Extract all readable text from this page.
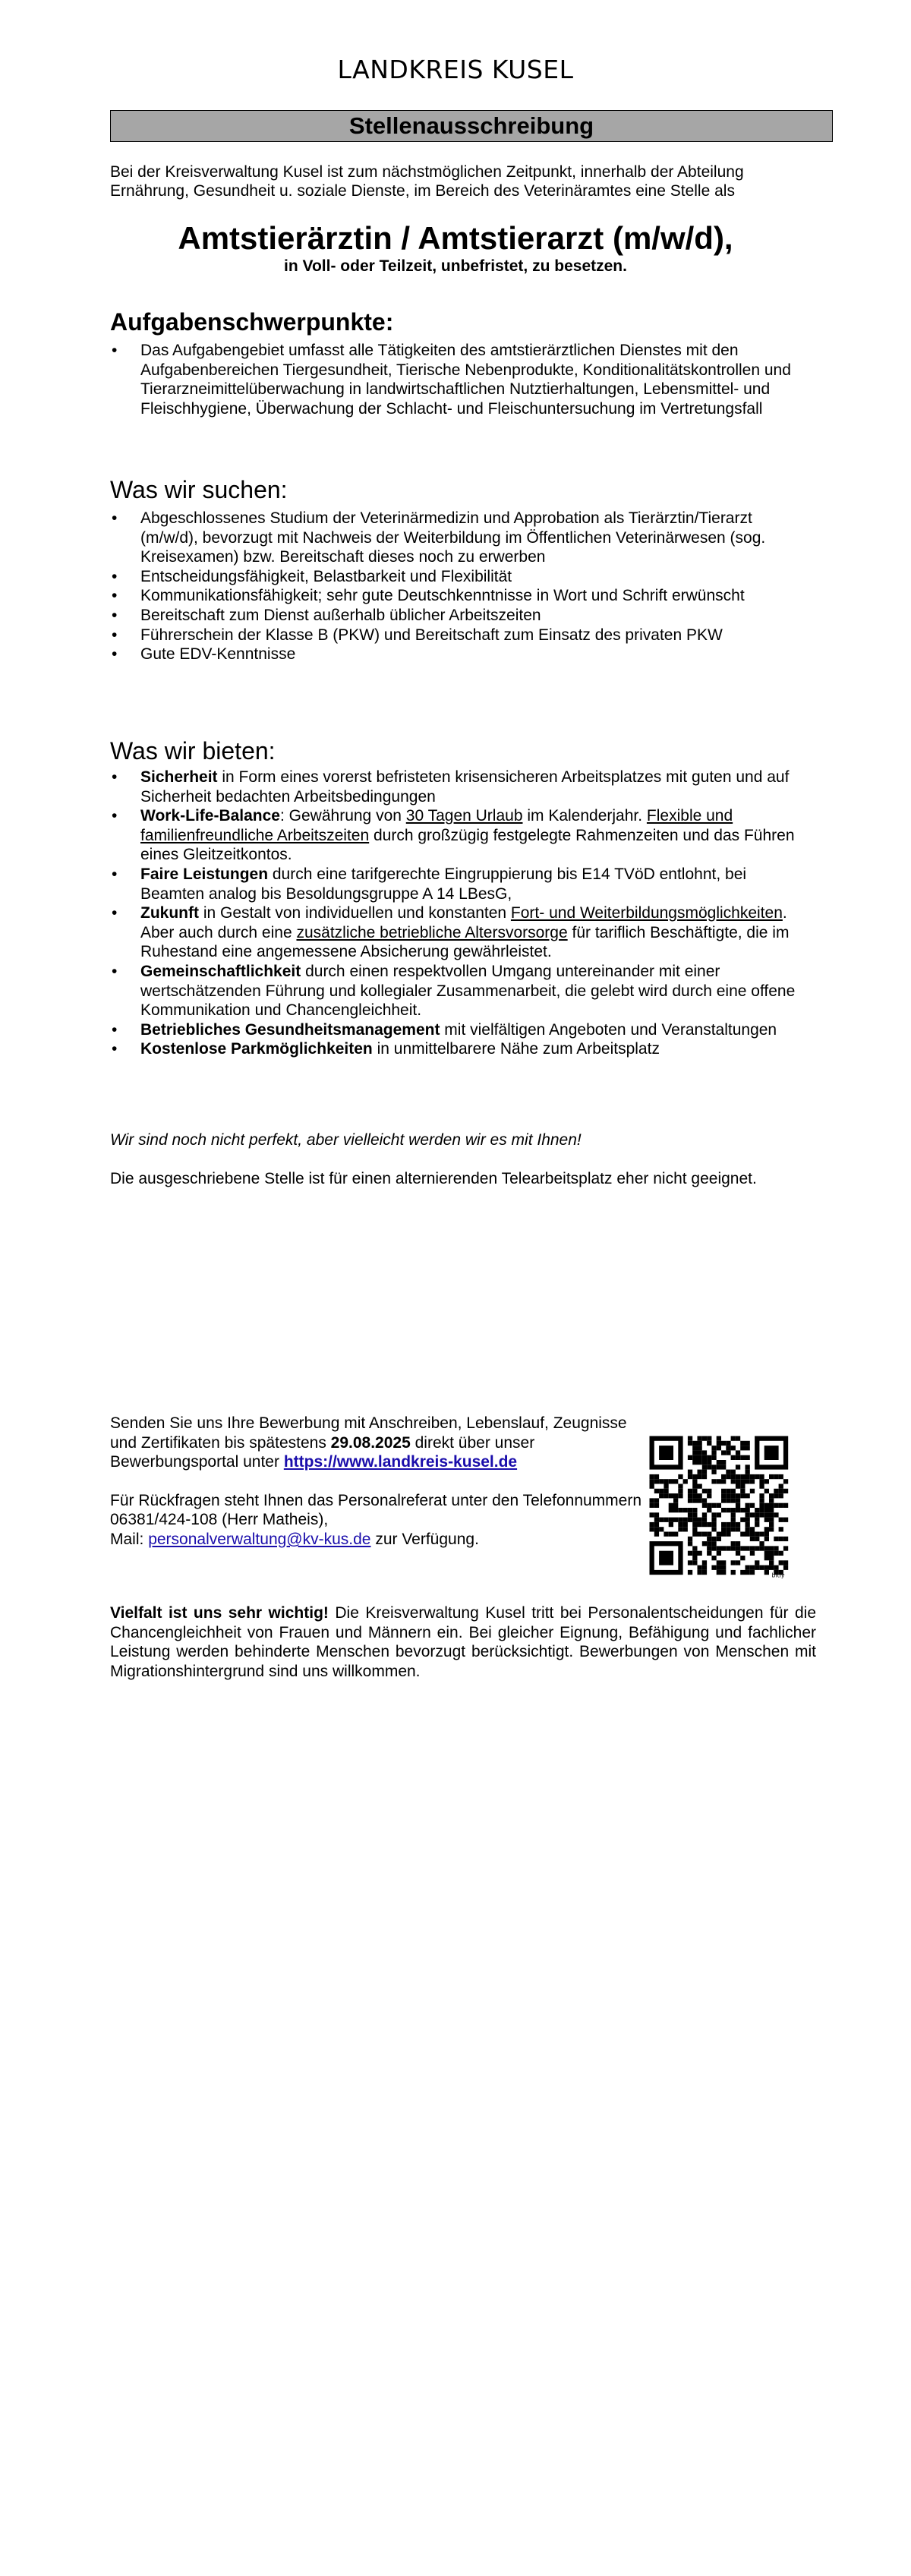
LANDKREIS KUSEL
Stellenausschreibung
Bei der Kreisverwaltung Kusel ist zum nächstmöglichen Zeitpunkt, innerhalb der Abteilung Ernährung, Gesundheit u. soziale Dienste, im Bereich des Veterinäramtes eine Stelle als
Amtstierärztin / Amtstierarzt (m/w/d),
in Voll- oder Teilzeit, unbefristet, zu besetzen.
Aufgabenschwerpunkte:
• Das Aufgabengebiet umfasst alle Tätigkeiten des amtstierärztlichen Dienstes mit den Aufgabenbereichen Tiergesundheit, Tierische Nebenprodukte, Konditionalitätskontrollen und Tierarzneimittelüberwachung in landwirtschaftlichen Nutztierhaltungen, Lebensmittel- und Fleischhygiene, Überwachung der Schlacht- und Fleischuntersuchung im Vertretungsfall
Was wir suchen:
• Abgeschlossenes Studium der Veterinärmedizin und Approbation als Tierärztin/Tierarzt (m/w/d), bevorzugt mit Nachweis der Weiterbildung im Öffentlichen Veterinärwesen (sog. Kreisexamen) bzw. Bereitschaft dieses noch zu erwerben
• Entscheidungsfähigkeit, Belastbarkeit und Flexibilität
• Kommunikationsfähigkeit; sehr gute Deutschkenntnisse in Wort und Schrift erwünscht
• Bereitschaft zum Dienst außerhalb üblicher Arbeitszeiten
• Führerschein der Klasse B (PKW) und Bereitschaft zum Einsatz des privaten PKW
• Gute EDV-Kenntnisse
Was wir bieten:
• Sicherheit in Form eines vorerst befristeten krisensicheren Arbeitsplatzes mit guten und auf Sicherheit bedachten Arbeitsbedingungen
• Work-Life-Balance: Gewährung von 30 Tagen Urlaub im Kalenderjahr. Flexible und familienfreundliche Arbeitszeiten durch großzügig festgelegte Rahmenzeiten und das Führen eines Gleitzeitkontos.
• Faire Leistungen durch eine tarifgerechte Eingruppierung bis E14 TVöD entlohnt, bei Beamten analog bis Besoldungsgruppe A 14 LBesG,
• Zukunft in Gestalt von individuellen und konstanten Fort- und Weiterbildungsmöglichkeiten. Aber auch durch eine zusätzliche betriebliche Altersvorsorge für tariflich Beschäftigte, die im Ruhestand eine angemessene Absicherung gewährleistet.
• Gemeinschaftlichkeit durch einen respektvollen Umgang untereinander mit einer wertschätzenden Führung und kollegialer Zusammenarbeit, die gelebt wird durch eine offene Kommunikation und Chancengleichheit.
• Betriebliches Gesundheitsmanagement mit vielfältigen Angeboten und Veranstaltungen
• Kostenlose Parkmöglichkeiten in unmittelbarere Nähe zum Arbeitsplatz
Wir sind noch nicht perfekt, aber vielleicht werden wir es mit Ihnen!
Die ausgeschriebene Stelle ist für einen alternierenden Telearbeitsplatz eher nicht geeignet.
Senden Sie uns Ihre Bewerbung mit Anschreiben, Lebenslauf, Zeugnisse und Zertifikaten bis spätestens 29.08.2025 direkt über unser Bewerbungsportal unter https://www.landkreis-kusel.de
Für Rückfragen steht Ihnen das Personalreferat unter den Telefonnummern 06381/424-108 (Herr Matheis),
Mail: personalverwaltung@kv-kus.de zur Verfügung.
bitly
Vielfalt ist uns sehr wichtig! Die Kreisverwaltung Kusel tritt bei Personalentscheidungen für die Chancengleichheit von Frauen und Männern ein. Bei gleicher Eignung, Befähigung und fachlicher Leistung werden behinderte Menschen bevorzugt berücksichtigt. Bewerbungen von Menschen mit Migrationshintergrund sind uns willkommen.
